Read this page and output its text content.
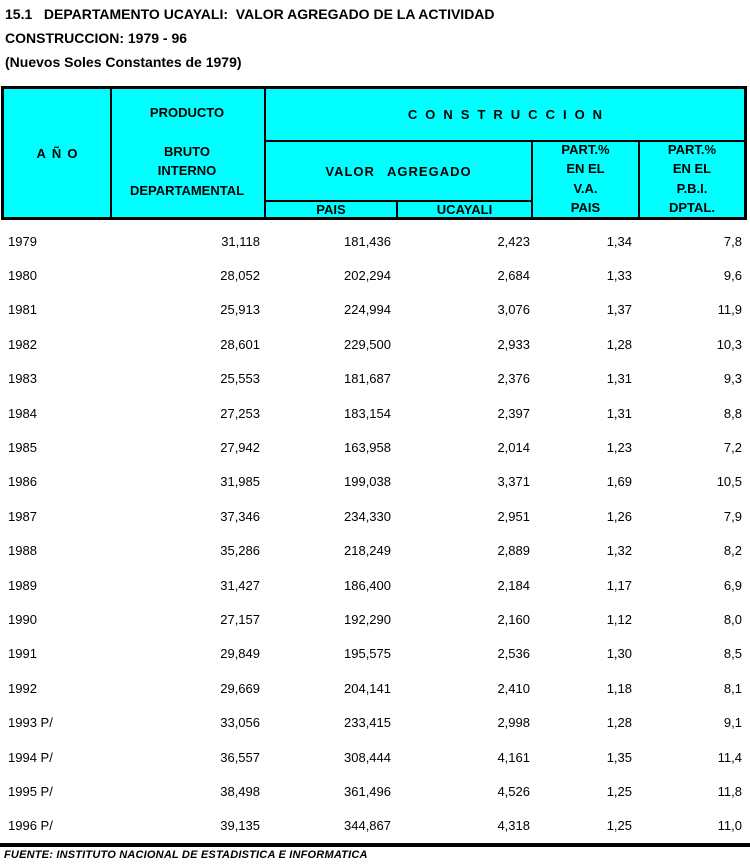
15.1   DEPARTAMENTO UCAYALI:  VALOR AGREGADO DE LA ACTIVIDAD
CONSTRUCCION: 1979 - 96
(Nuevos Soles Constantes de 1979)
AÑO
PRODUCTO
BRUTO
INTERNO
DEPARTAMENTAL
CONSTRUCCION
VALOR AGREGADO
PAIS	UCAYALI
PART.%
EN EL
V.A.
PAIS
PART.%
EN EL
P.B.I.
DPTAL.
1979	31,118	181,436	2,423	1,34	7,8
1980	28,052	202,294	2,684	1,33	9,6
1981	25,913	224,994	3,076	1,37	11,9
1982	28,601	229,500	2,933	1,28	10,3
1983	25,553	181,687	2,376	1,31	9,3
1984	27,253	183,154	2,397	1,31	8,8
1985	27,942	163,958	2,014	1,23	7,2
1986	31,985	199,038	3,371	1,69	10,5
1987	37,346	234,330	2,951	1,26	7,9
1988	35,286	218,249	2,889	1,32	8,2
1989	31,427	186,400	2,184	1,17	6,9
1990	27,157	192,290	2,160	1,12	8,0
1991	29,849	195,575	2,536	1,30	8,5
1992	29,669	204,141	2,410	1,18	8,1
1993 P/	33,056	233,415	2,998	1,28	9,1
1994 P/	36,557	308,444	4,161	1,35	11,4
1995 P/	38,498	361,496	4,526	1,25	11,8
1996 P/	39,135	344,867	4,318	1,25	11,0
FUENTE: INSTITUTO NACIONAL DE ESTADISTICA E INFORMATICA
